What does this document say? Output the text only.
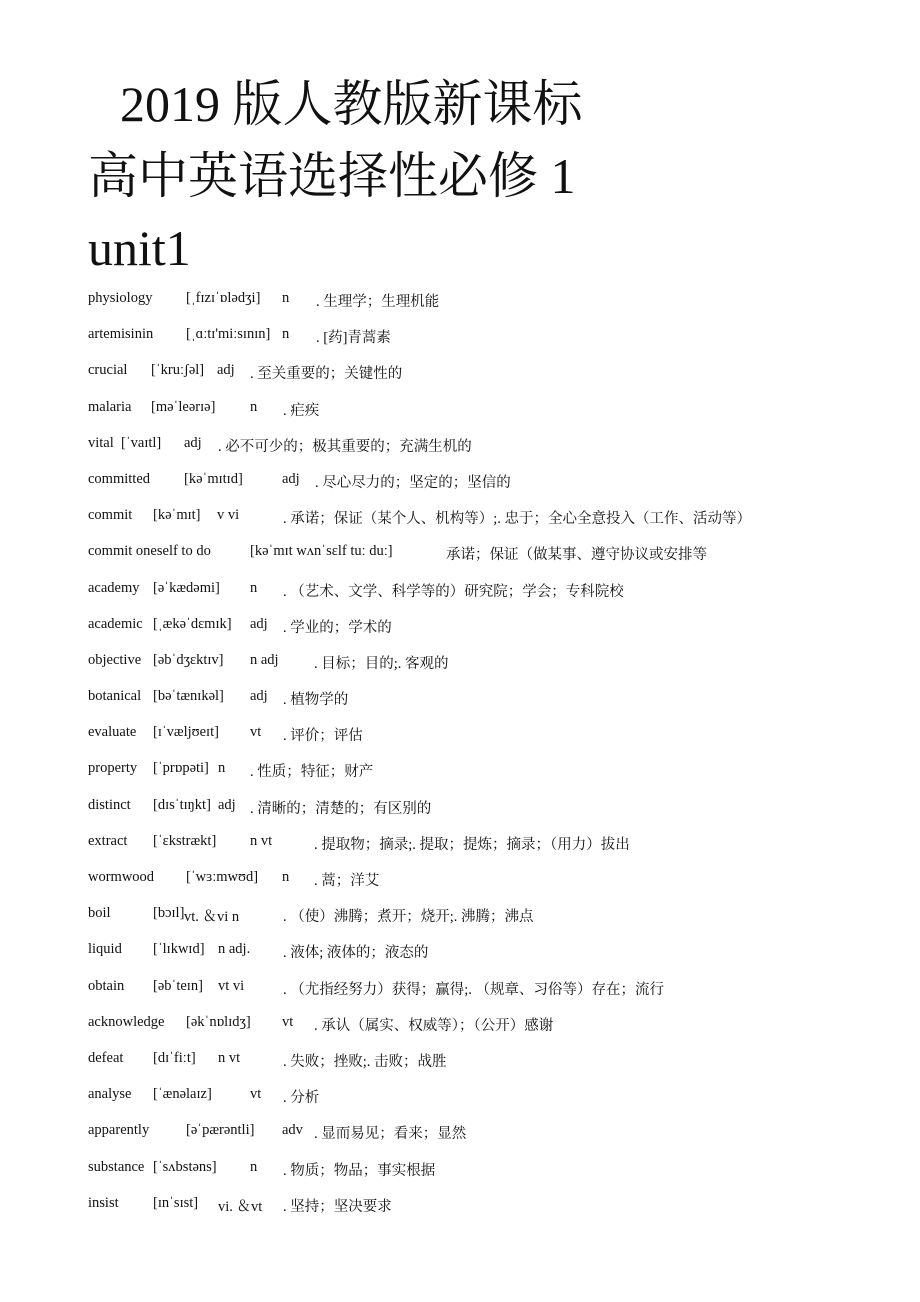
2019 版人教版新课标
高中英语选择性必修 1
unit1
physiology [ˌfɪzɪˈɒlədʒi] n . 生理学；生理机能
artemisinin [ˌɑːtɪ'miːsɪnɪn] n . [药]青蒿素
crucial [ˈkruːʃəl] adj . 至关重要的；关键性的
malaria [məˈleərɪə] n . 疟疾
vital [ˈvaɪtl] adj . 必不可少的；极其重要的；充满生机的
committed [kəˈmɪtɪd]	adj . 尽心尽力的；坚定的；坚信的
commit [kəˈmɪt] v vi	. 承诺；保证（某个人、机构等）;. 忠于；全心全意投入（工作、活动等）
commit oneself to do	[kəˈmɪt wʌnˈsɛlf tuː duː]	承诺；保证（做某事、遵守协议或安排等
academy [əˈkædəmi] n . （艺术、文学、科学等的）研究院；学会；专科院校
academic [ˌækəˈdɛmɪk] adj . 学业的；学术的
objective [əbˈdʒɛktɪv] n adj . 目标；目的;. 客观的
botanical [bəˈtænɪkəl] adj . 植物学的
evaluate [ɪˈvæljʊeɪt] vt . 评价；评估
property [ˈprɒpəti] n . 性质；特征；财产
distinct [dɪsˈtɪŋkt] adj . 清晰的；清楚的；有区别的
extract [ˈɛkstrækt] n vt	. 提取物；摘录;. 提取；提炼；摘录；（用力）拔出
wormwood [ˈwɜːmwʊd] n . 蒿；洋艾
boil	[bɔɪl] vt. ＆vi n	. （使）沸腾；煮开；烧开;. 沸腾；沸点
liquid [ˈlɪkwɪd] n adj. . 液体; 液体的；液态的
obtain [əbˈteɪn] vt vi	. （尤指经努力）获得；赢得;. （规章、习俗等）存在；流行
acknowledge [əkˈnɒlɪdʒ] vt . 承认（属实、权威等）；（公开）感谢
defeat [dɪˈfiːt] n vt	. 失败；挫败;. 击败；战胜
analyse [ˈænəlaɪz]	vt . 分析
apparently	[əˈpærəntli] adv . 显而易见；看来；显然
substance [ˈsʌbstəns] n . 物质；物品；事实根据
insist [ɪnˈsɪst] vi. ＆vt . 坚持；坚决要求
